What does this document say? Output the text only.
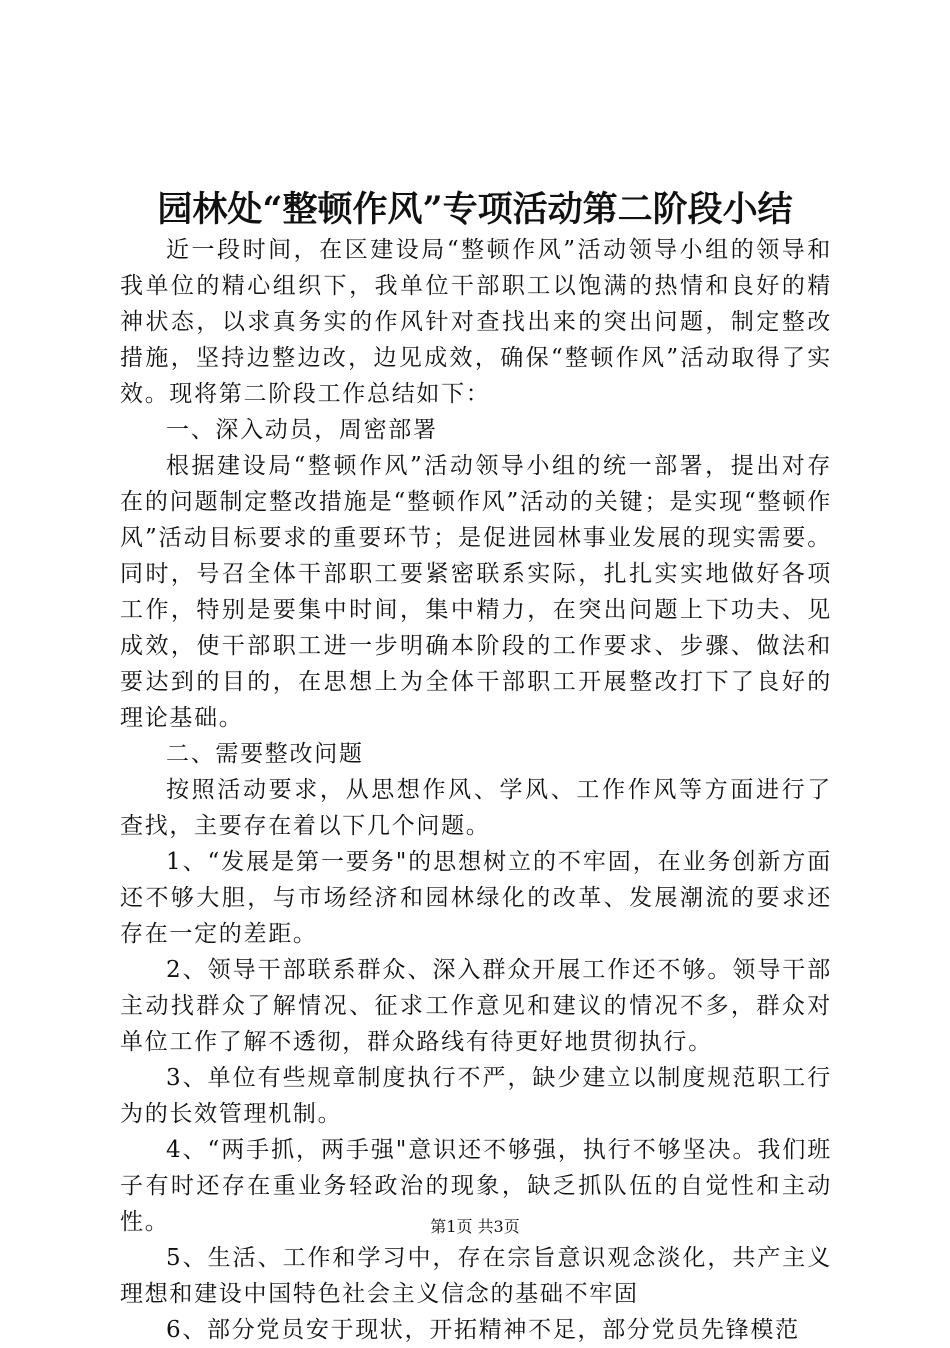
园林处“整顿作风”专项活动第二阶段小结

近一段时间，在区建设局“整顿作风”活动领导小组的领导和我单位的精心组织下，我单位干部职工以饱满的热情和良好的精神状态，以求真务实的作风针对查找出来的突出问题，制定整改措施，坚持边整边改，边见成效，确保“整顿作风”活动取得了实效。现将第二阶段工作总结如下：

一、深入动员，周密部署

根据建设局“整顿作风”活动领导小组的统一部署，提出对存在的问题制定整改措施是“整顿作风”活动的关键；是实现“整顿作风”活动目标要求的重要环节；是促进园林事业发展的现实需要。同时，号召全体干部职工要紧密联系实际，扎扎实实地做好各项工作，特别是要集中时间，集中精力，在突出问题上下功夫、见成效，使干部职工进一步明确本阶段的工作要求、步骤、做法和要达到的目的，在思想上为全体干部职工开展整改打下了良好的理论基础。

二、需要整改问题

按照活动要求，从思想作风、学风、工作作风等方面进行了查找，主要存在着以下几个问题。

1、“发展是第一要务"的思想树立的不牢固，在业务创新方面还不够大胆，与市场经济和园林绿化的改革、发展潮流的要求还存在一定的差距。

2、领导干部联系群众、深入群众开展工作还不够。领导干部主动找群众了解情况、征求工作意见和建议的情况不多，群众对单位工作了解不透彻，群众路线有待更好地贯彻执行。

3、单位有些规章制度执行不严，缺少建立以制度规范职工行为的长效管理机制。

4、“两手抓，两手强"意识还不够强，执行不够坚决。我们班子有时还存在重业务轻政治的现象，缺乏抓队伍的自觉性和主动性。

5、生活、工作和学习中，存在宗旨意识观念淡化，共产主义理想和建设中国特色社会主义信念的基础不牢固

6、部分党员安于现状，开拓精神不足，部分党员先锋模范

第1页 共3页
